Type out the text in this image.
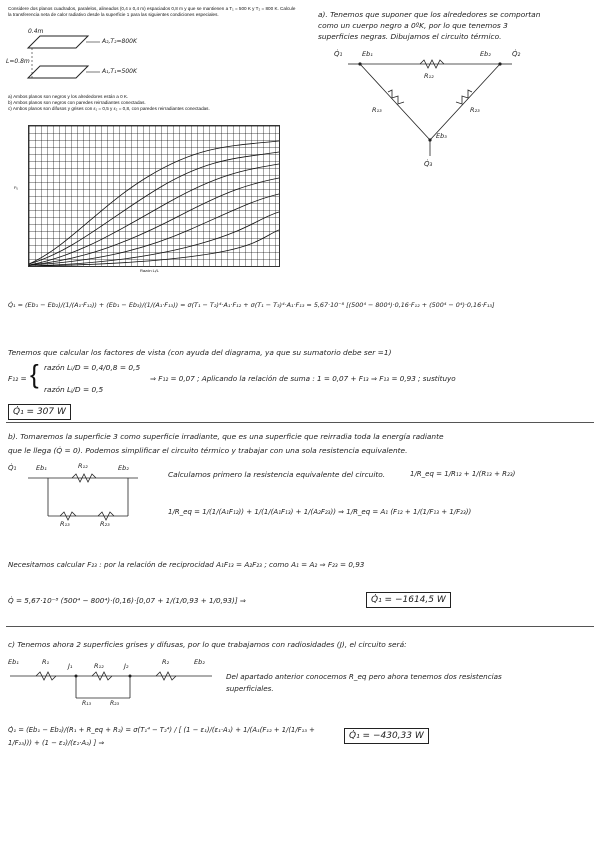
Considere dos planos cuadrados, paralelos, alineados (0,4 x 0,4 m) espaciados 0,8 m y que se mantienen a T₁ = 500 K y T₂ = 800 K. Calcule la transferencia neta de calor radiativo desde la superficie 1 para las siguientes condiciones especiales.
0.4m
L=0.8m
A₂,T₂=800K
A₁,T₁=500K
a) Ambos planos son negros y los alrededores están a 0 K.
b) Ambos planos son negros con paredes reirradiantes conectadas.
c) Ambos planos son difusos y grises con ε₁ = 0,5 y ε₂ = 0,8, con paredes reirradiantes conectadas.
Razón Lᵢ/L
Fᵢⱼ
a). Tenemos que suponer que los alrededores se comportan
como un cuerpo negro a 0ºK, por lo que tenemos 3
superficies negras. Dibujamos el circuito térmico.
Q̇₁	Eb₁	Eb₂	Q̇₂
R₁₂
R₁₃	R₂₃
Eb₃
Q̇₃
Q̇₁ = (Eb₁ − Eb₂)/(1/(A₁·F₁₂)) + (Eb₁ − Eb₃)/(1/(A₁·F₁₃)) = σ(T₁ − T₂)⁴·A₁·F₁₂ + σ(T₁ − T₃)⁴·A₁·F₁₃ = 5,67·10⁻⁸ [(500⁴ − 800⁴)·0,16·F₁₂ + (500⁴ − 0⁴)·0,16·F₁₃]
Tenemos que calcular los factores de vista (con ayuda del diagrama, ya que su sumatorio debe ser =1)
F₁₂ = { razón Lᵢ/D = 0,4/0,8 = 0,5
razón Lⱼ/D = 0,5
⇒ F₁₂ = 0,07 ; Aplicando la relación de suma : 1 = 0,07 + F₁₃ ⇒ F₁₃ = 0,93 ; sustituyo
Q̇₁ = 307 W
b). Tomaremos la superficie 3 como superficie irradiante, que es una superficie que reirradia toda la energía radiante
que le llega (Q̇ = 0). Podemos simplificar el circuito térmico y trabajar con una sola resistencia equivalente.
Q̇₁	Eb₁	R₁₂	Eb₂
R₁₃	R₂₃
Calculamos primero la resistencia equivalente del circuito.	1/R_eq = 1/R₁₂ + 1/(R₁₃ + R₂₃)
1/R_eq = 1/(1/(A₁F₁₂)) + 1/(1/(A₁F₁₃) + 1/(A₂F₂₃)) ⇒ 1/R_eq = A₁ (F₁₂ + 1/(1/F₁₃ + 1/F₂₃))
Necesitamos calcular F₂₃ : por la relación de reciprocidad A₁F₁₃ = A₂F₂₃ ; como A₁ = A₂ ⇒ F₂₃ = 0,93
Q̇ = 5,67·10⁻⁸ (500⁴ − 800⁴)·(0,16)·[0,07 + 1/(1/0,93 + 1/0,93)] ⇒	Q̇₁ = −1614,5 W
c) Tenemos ahora 2 superficies grises y difusas, por lo que trabajamos con radiosidades (J), el circuito será:
Eb₁	R₁	J₁	R₁₂	J₂	R₂	Eb₂
R₁₃	R₂₃
Del apartado anterior conocemos R_eq pero ahora tenemos dos resistencias
superficiales.
Q̇₁ = (Eb₁ − Eb₂)/(R₁ + R_eq + R₂) = σ(T₁⁴ − T₂⁴) / [ (1 − ε₁)/(ε₁·A₁) + 1/(A₁(F₁₂ + 1/(1/F₁₃ + 1/F₂₃))) + (1 − ε₂)/(ε₂·A₂) ] ⇒
Q̇₁ = −430,33 W
